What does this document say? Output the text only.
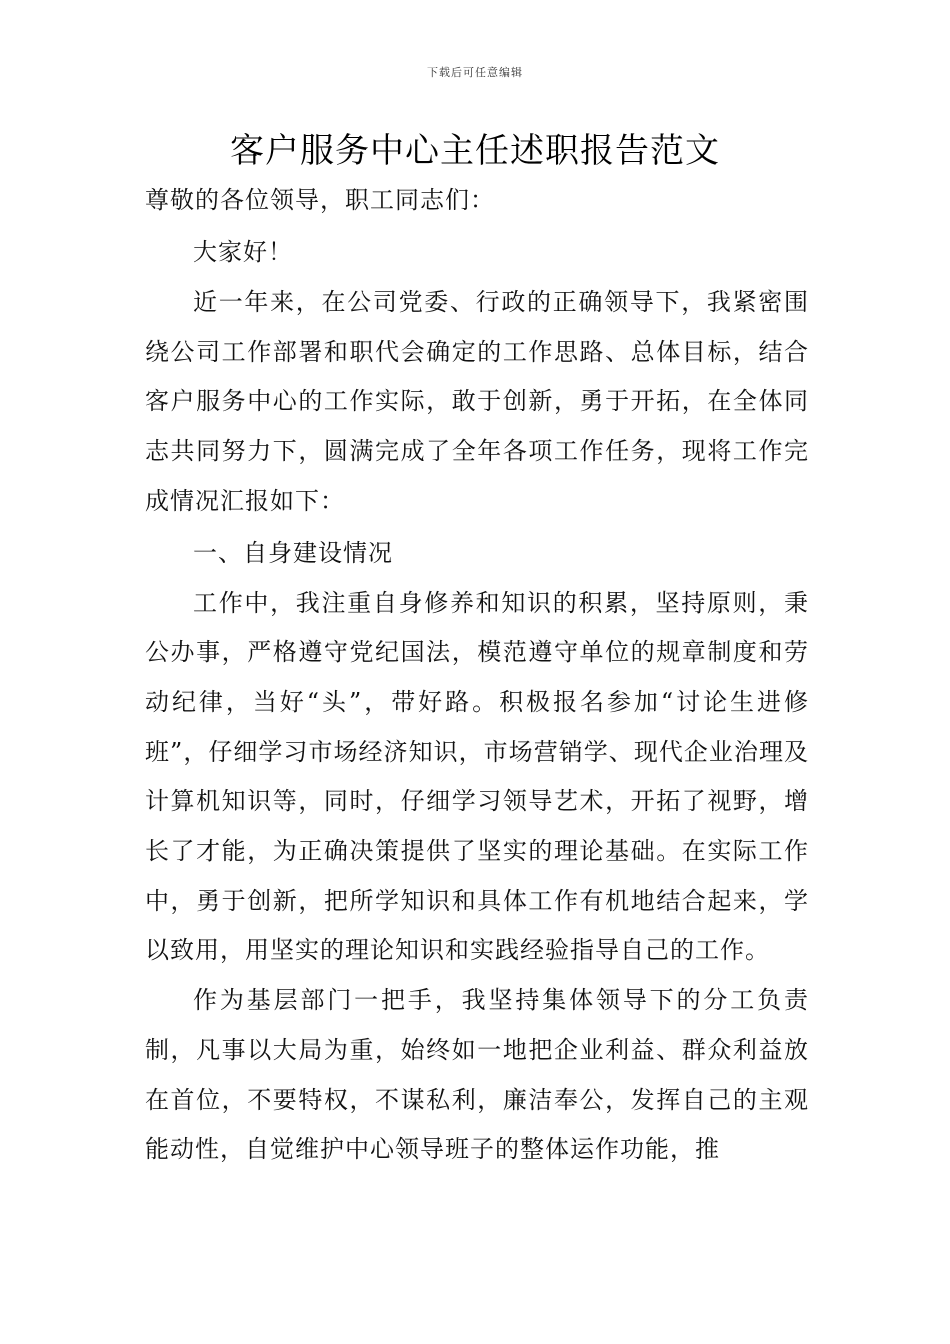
下载后可任意编辑
客户服务中心主任述职报告范文

尊敬的各位领导，职工同志们：

大家好！

近一年来，在公司党委、行政的正确领导下，我紧密围绕公司工作部署和职代会确定的工作思路、总体目标，结合客户服务中心的工作实际，敢于创新，勇于开拓，在全体同志共同努力下，圆满完成了全年各项工作任务，现将工作完成情况汇报如下：

一、自身建设情况

工作中，我注重自身修养和知识的积累，坚持原则，秉公办事，严格遵守党纪国法，模范遵守单位的规章制度和劳动纪律，当好“头”，带好路。积极报名参加“讨论生进修班”，仔细学习市场经济知识，市场营销学、现代企业治理及计算机知识等，同时，仔细学习领导艺术，开拓了视野，增长了才能，为正确决策提供了坚实的理论基础。在实际工作中，勇于创新，把所学知识和具体工作有机地结合起来，学以致用，用坚实的理论知识和实践经验指导自己的工作。

作为基层部门一把手，我坚持集体领导下的分工负责制，凡事以大局为重，始终如一地把企业利益、群众利益放在首位，不要特权，不谋私利，廉洁奉公，发挥自己的主观能动性，自觉维护中心领导班子的整体运作功能，推
